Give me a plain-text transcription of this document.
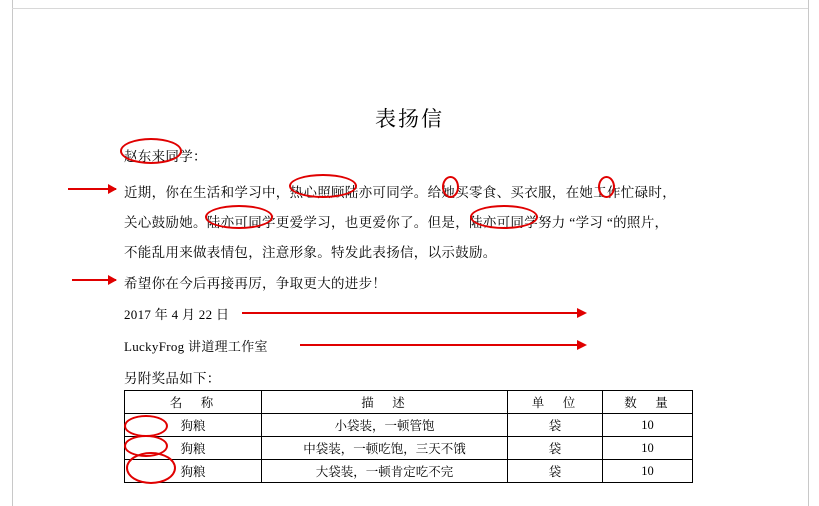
表扬信
赵东来同学：
近期，你在生活和学习中，热心照顾陆亦可同学。给她买零食、买衣服，在她工作忙碌时，
关心鼓励她。陆亦可同学更爱学习，也更爱你了。但是，陆亦可同学努力 “学习 “的照片，
不能乱用来做表情包，注意形象。特发此表扬信，以示鼓励。
希望你在今后再接再厉，争取更大的进步！
2017 年 4 月 22 日
LuckyFrog 讲道理工作室
另附奖品如下：
名　称	描　述	单　位	数　量
狗粮	小袋装，一顿管饱	袋	10
狗粮	中袋装，一顿吃饱，三天不饿	袋	10
狗粮	大袋装，一顿肯定吃不完	袋	10
